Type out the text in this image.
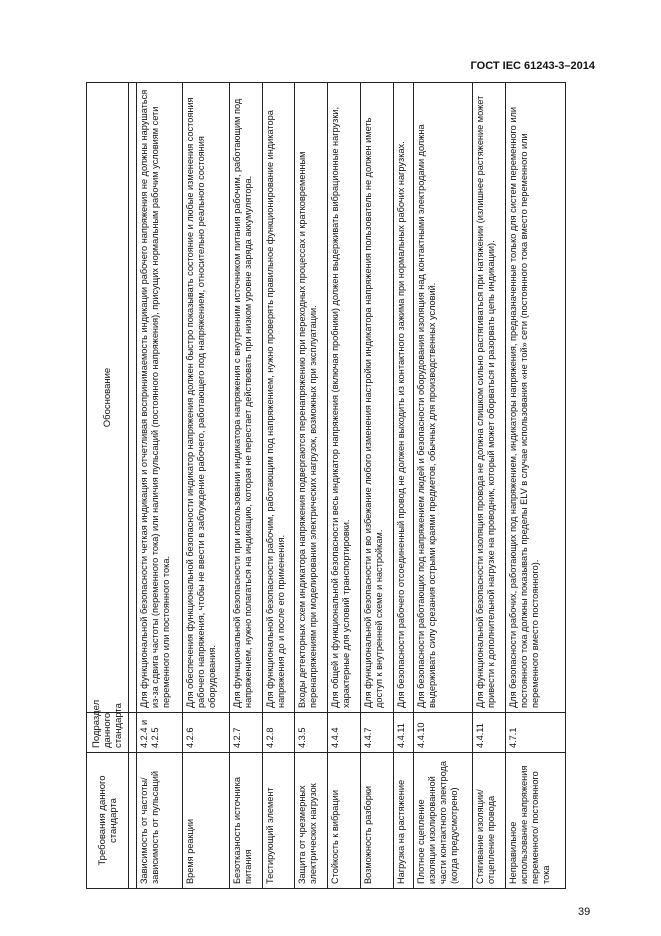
ГОСТ IEC 61243-3–2014
Требования данного стандарта	Подраздел данного стандарта	Обоснование

Зависимость от частоты/ зависимость от пульсаций	4.2.4 и 4.2.5	Для функциональной безопасности четкая индикация и отчетливая воспринимаемость индикации рабочего напряжения не должны нарушаться из-за сдвига частоты (переменного тока) или наличия пульсаций (постоянного напряжения), присущих нормальным рабочим условиям сети переменного или постоянного тока.
Время реакции	4.2.6	Для обеспечения функциональной безопасности индикатор напряжения должен быстро показывать состояние и любые изменения состояния рабочего напряжения, чтобы не ввести в заблуждение рабочего, работающего под напряжением, относительно реального состояния оборудования.
Безотказность источника питания	4.2.7	Для функциональной безопасности при использовании индикатора напряжения с внутренним источником питания рабочим, работающим под напряжением, нужно полагаться на индикацию, которая не перестает действовать при низком уровне заряда аккумулятора.
Тестирующий элемент	4.2.8	Для функциональной безопасности рабочим, работающим под напряжением, нужно проверять правильное функционирование индикатора напряжения до и после его применения.
Защита от чрезмерных электрических нагрузок	4.3.5	Входы детекторных схем индикатора напряжения подвергаются перенапряжению при переходных процессах и кратковременным перенапряжениям при моделировании электрических нагрузок, возможных при эксплуатации.
Стойкость к вибрации	4.4.4	Для общей и функциональной безопасности весь индикатор напряжения (включая пробники) должен выдерживать вибрационные нагрузки, характерные для условий транспортировки.
Возможность разборки	4.4.7	Для функциональной безопасности и во избежание любого изменения настройки индикатора напряжения пользователь не должен иметь доступ к внутренней схеме и настройкам.
Нагрузка на растяжение	4.4.11	Для безопасности рабочего отсоединенный провод не должен выходить из контактного зажима при нормальных рабочих нагрузках.
Плотное сцепление изоляции изолированной части контактного электрода (когда предусмотрено)	4.4.10	Для безопасности работающих под напряжением людей и безопасности оборудования изоляция над контактными электродами должна выдерживать силу срезания острыми краями предметов, обычных для производственных условий.
Стягивание изоляции/отцепление провода	4.4.11	Для функциональной безопасности изоляция провода не должна слишком сильно растягиваться при натяжении (излишнее растяжение может привести к дополнительной нагрузке на проводник, который может оборваться и разорвать цепь индикации).
Неправильное использование напряжения переменного/ постоянного тока	4.7.1	Для безопасности рабочих, работающих под напряжением, индикаторы напряжения, предназначенные только для систем переменного или постоянного тока должны показывать пределы ELV в случае использования «не той» сети (постоянного тока вместо переменного или переменного вместо постоянного).
39
